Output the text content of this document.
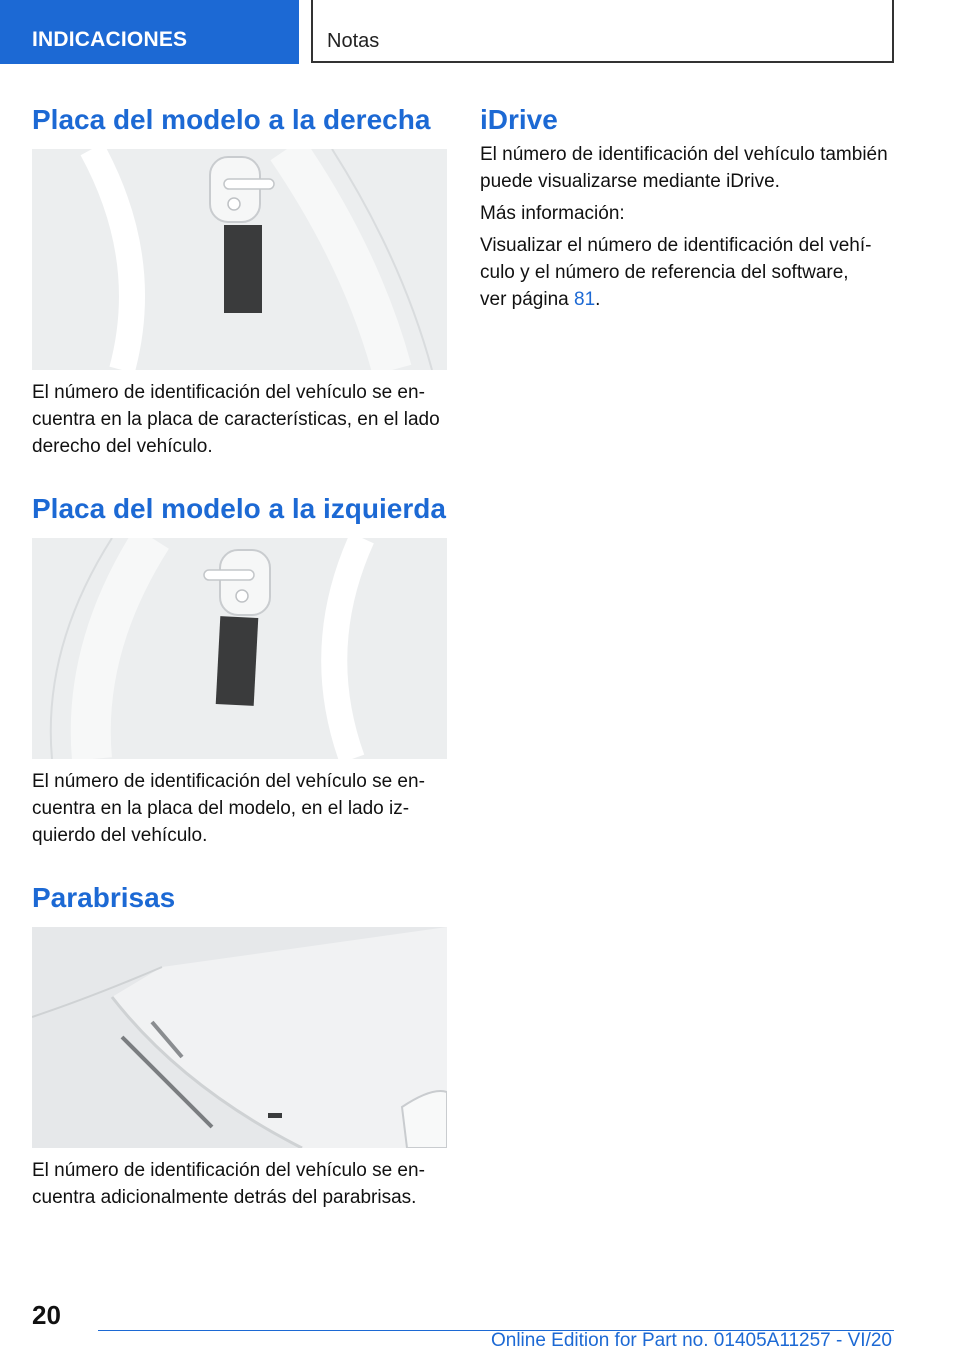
INDICACIONES	Notas
Placa del modelo a la derecha

El número de identificación del vehículo se encuentra en la placa de características, en el lado derecho del vehículo.

Placa del modelo a la izquierda

El número de identificación del vehículo se encuentra en la placa del modelo, en el lado izquierdo del vehículo.

Parabrisas

El número de identificación del vehículo se encuentra adicionalmente detrás del parabrisas.

iDrive

El número de identificación del vehículo también puede visualizarse mediante iDrive.

Más información:

Visualizar el número de identificación del vehículo y el número de referencia del software, ver página 81.

20
Online Edition for Part no. 01405A11257 - VI/20
